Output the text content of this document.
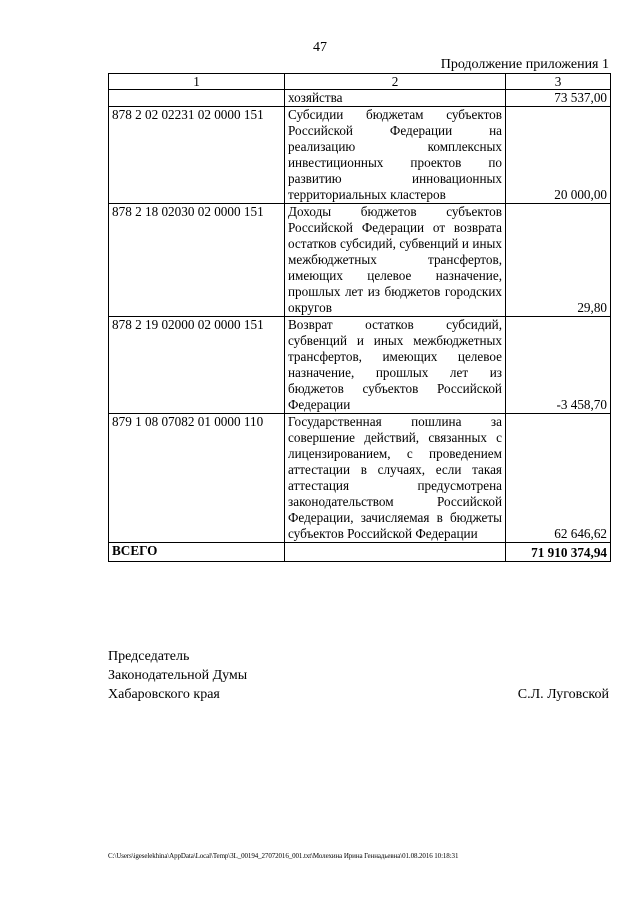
47
Продолжение приложения 1
1	2	3
	хозяйства	73 537,00
878 2 02 02231 02 0000 151	Субсидии бюджетам субъектов Российской Федерации на реализацию комплексных инвестиционных проектов по развитию инновационных территориальных кластеров	20 000,00
878 2 18 02030 02 0000 151	Доходы бюджетов субъектов Российской Федерации от возврата остатков субсидий, субвенций и иных межбюджетных трансфертов, имеющих целевое назначение, прошлых лет из бюджетов городских округов	29,80
878 2 19 02000 02 0000 151	Возврат остатков субсидий, субвенций и иных межбюджетных трансфертов, имеющих целевое назначение, прошлых лет из бюджетов субъектов Российской Федерации	-3 458,70
879 1 08 07082 01 0000 110	Государственная пошлина за совершение действий, связанных с лицензированием, с проведением аттестации в случаях, если такая аттестация предусмотрена законодательством Российской Федерации, зачисляемая в бюджеты субъектов Российской Федерации	62 646,62
ВСЕГО		71 910 374,94
Председатель
Законодательной Думы
Хабаровского края	С.Л. Луговской
C:\Users\igeselekhina\AppData\Local\Temp\3L_00194_27072016_001.txt\Молехина Ирина Геннадьевна\01.08.2016 10:18:31
